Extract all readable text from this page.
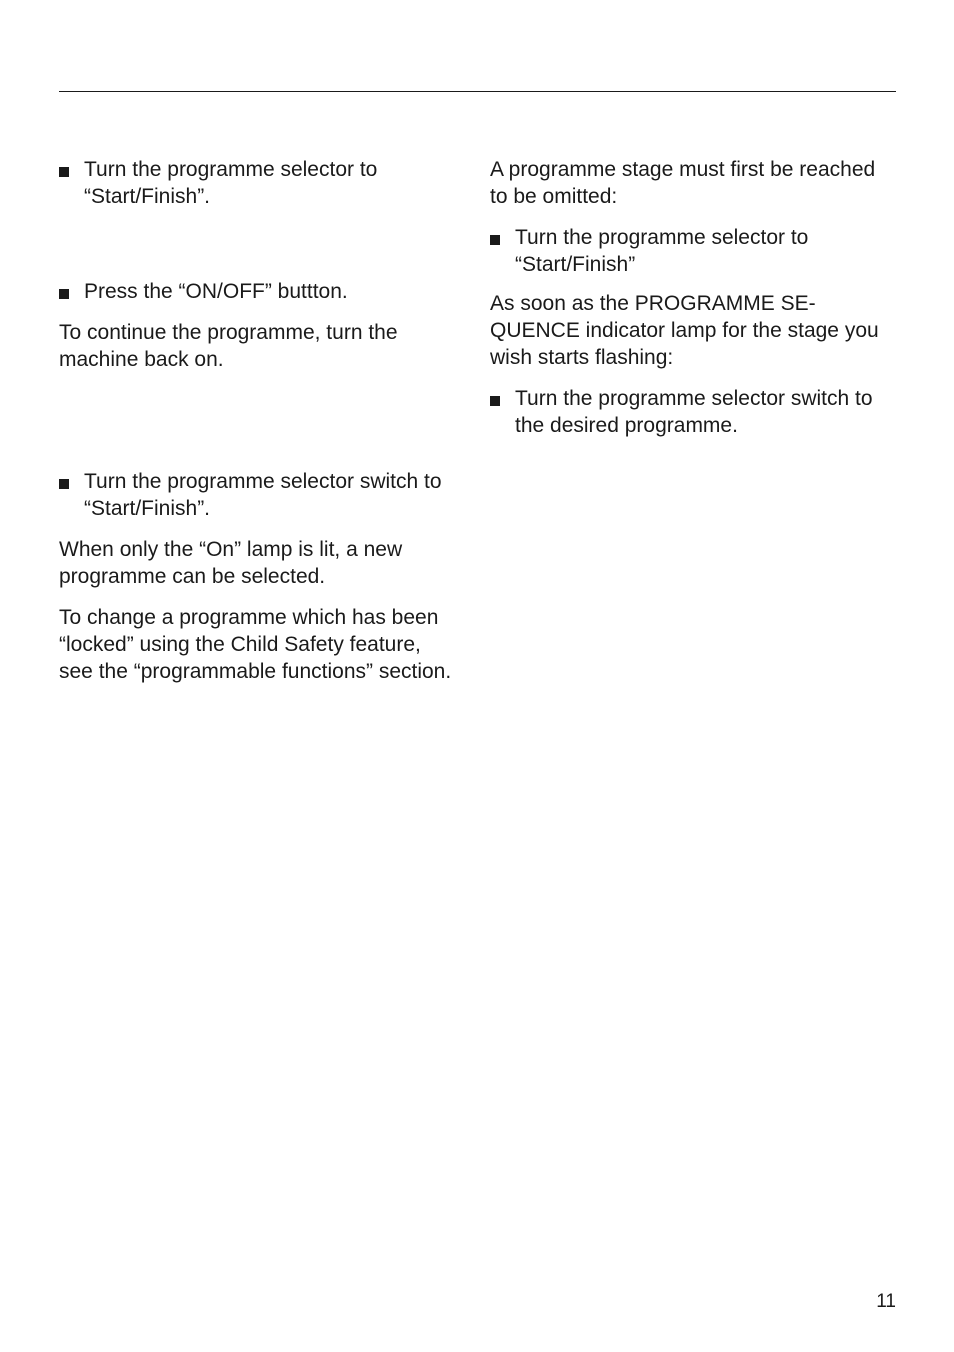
Turn the programme selector to “Start/Finish”.

Press the “ON/OFF” buttton.

To continue the programme, turn the machine back on.

Turn the programme selector switch to “Start/Finish”.

When only the “On” lamp is lit, a new programme can be selected.

To change a programme which has been “locked” using the Child Safety feature, see the “programmable functions” section.

A programme stage must first be reached to be omitted:

Turn the programme selector to “Start/Finish”

As soon as the PROGRAMME SEQUENCE indicator lamp for the stage you wish starts flashing:

Turn the programme selector switch to the desired programme.

11
